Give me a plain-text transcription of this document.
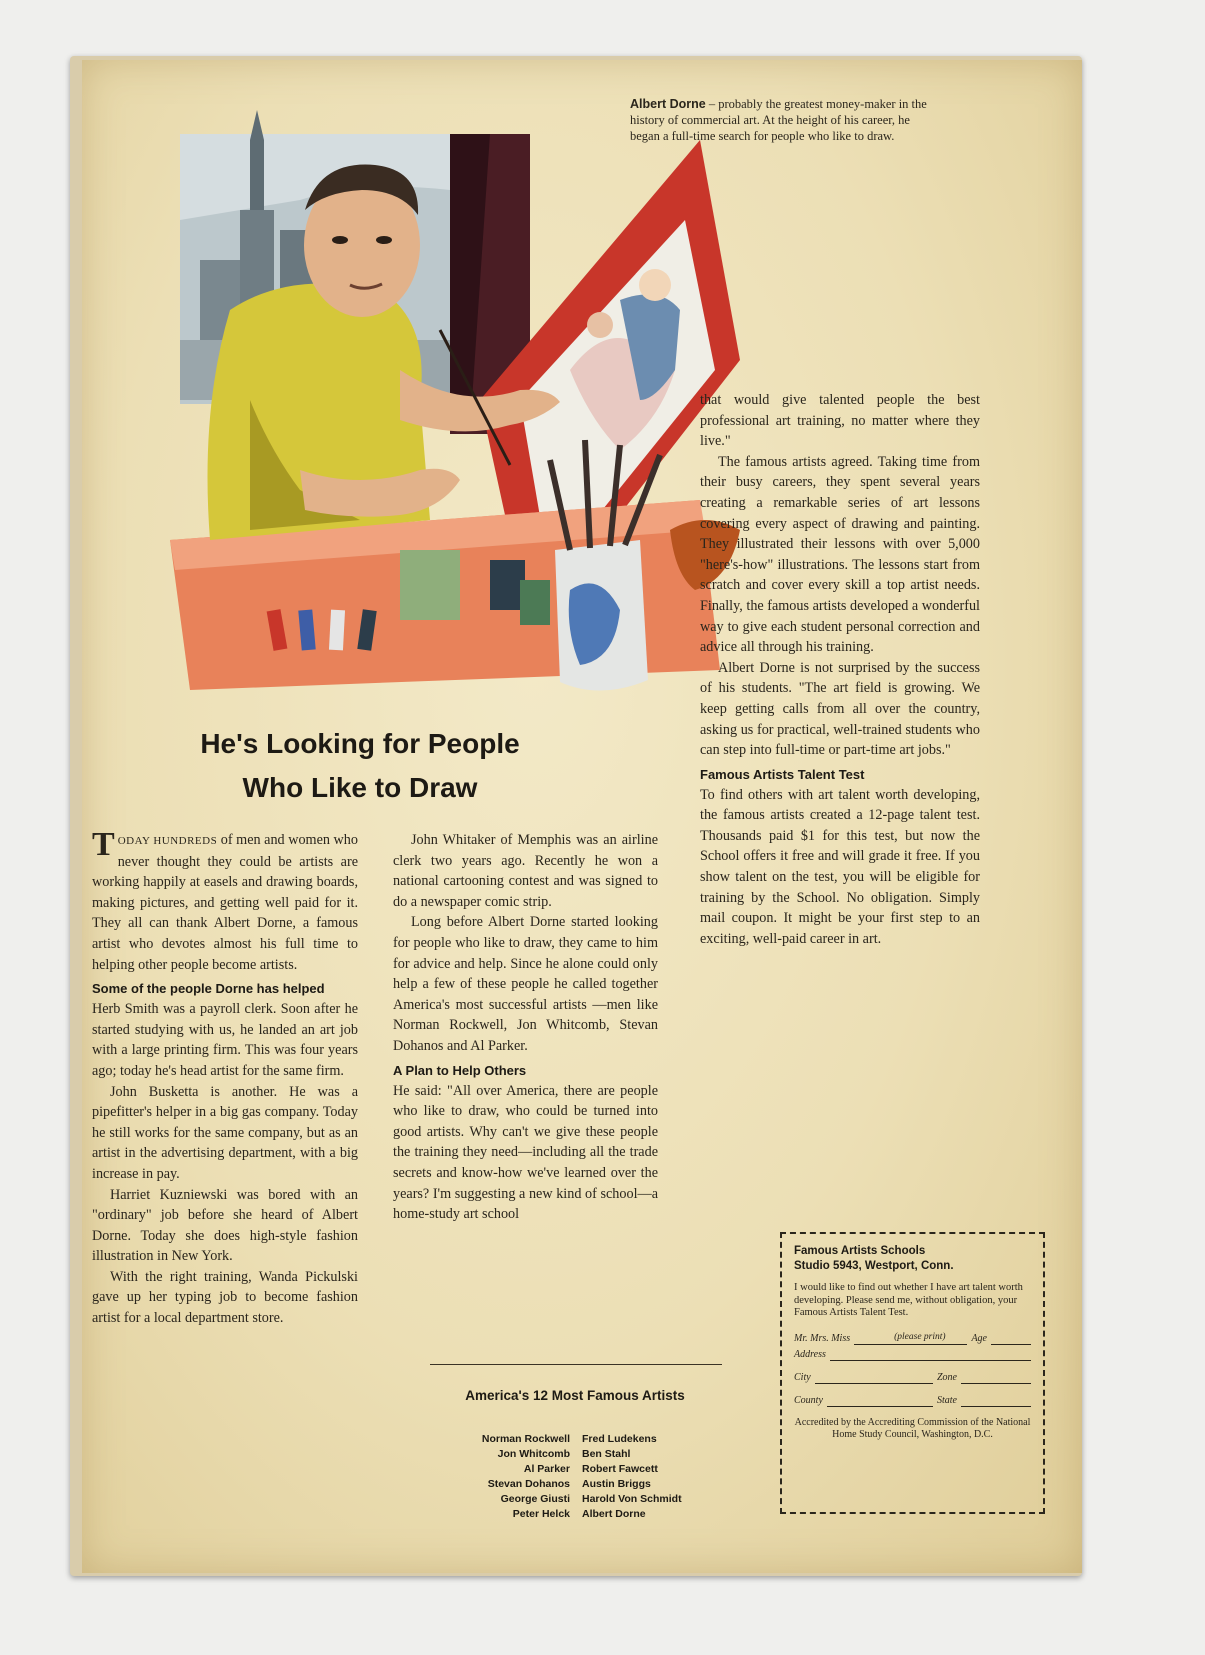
Albert Dorne – probably the greatest money-maker in the history of commercial art. At the height of his career, he began a full-time search for people who like to draw.
He's Looking for People
Who Like to Draw

TODAY HUNDREDS of men and women who never thought they could be artists are working happily at easels and drawing boards, making pictures, and getting well paid for it. They all can thank Albert Dorne, a famous artist who devotes almost his full time to helping other people become artists.

Some of the people Dorne has helped

Herb Smith was a payroll clerk. Soon after he started studying with us, he landed an art job with a large printing firm. This was four years ago; today he's head artist for the same firm.

John Busketta is another. He was a pipefitter's helper in a big gas company. Today he still works for the same company, but as an artist in the advertising department, with a big increase in pay.

Harriet Kuzniewski was bored with an "ordinary" job before she heard of Albert Dorne. Today she does high-style fashion illustration in New York.

With the right training, Wanda Pickulski gave up her typing job to become fashion artist for a local department store.

John Whitaker of Memphis was an airline clerk two years ago. Recently he won a national cartooning contest and was signed to do a newspaper comic strip.

Long before Albert Dorne started looking for people who like to draw, they came to him for advice and help. Since he alone could only help a few of these people he called together America's most successful artists —men like Norman Rockwell, Jon Whitcomb, Stevan Dohanos and Al Parker.

A Plan to Help Others

He said: "All over America, there are people who like to draw, who could be turned into good artists. Why can't we give these people the training they need—including all the trade secrets and know-how we've learned over the years? I'm suggesting a new kind of school—a home-study art school

that would give talented people the best professional art training, no matter where they live."

The famous artists agreed. Taking time from their busy careers, they spent several years creating a remarkable series of art lessons covering every aspect of drawing and painting. They illustrated their lessons with over 5,000 "here's-how" illustrations. The lessons start from scratch and cover every skill a top artist needs. Finally, the famous artists developed a wonderful way to give each student personal correction and advice all through his training.

Albert Dorne is not surprised by the success of his students. "The art field is growing. We keep getting calls from all over the country, asking us for practical, well-trained students who can step into full-time or part-time art jobs."

Famous Artists Talent Test

To find others with art talent worth developing, the famous artists created a 12-page talent test. Thousands paid $1 for this test, but now the School offers it free and will grade it free. If you show talent on the test, you will be eligible for training by the School. No obligation. Simply mail coupon. It might be your first step to an exciting, well-paid career in art.

America's 12 Most Famous Artists
Norman Rockwell	Fred Ludekens
Jon Whitcomb	Ben Stahl
Al Parker	Robert Fawcett
Stevan Dohanos	Austin Briggs
George Giusti	Harold Von Schmidt
Peter Helck	Albert Dorne
Famous Artists Schools
Studio 5943, Westport, Conn.
I would like to find out whether I have art talent worth developing. Please send me, without obligation, your Famous Artists Talent Test.
Mr. Mrs. Miss	(please print)	Age
Address
City	Zone
County	State
Accredited by the Accrediting Commission of the National Home Study Council, Washington, D.C.
